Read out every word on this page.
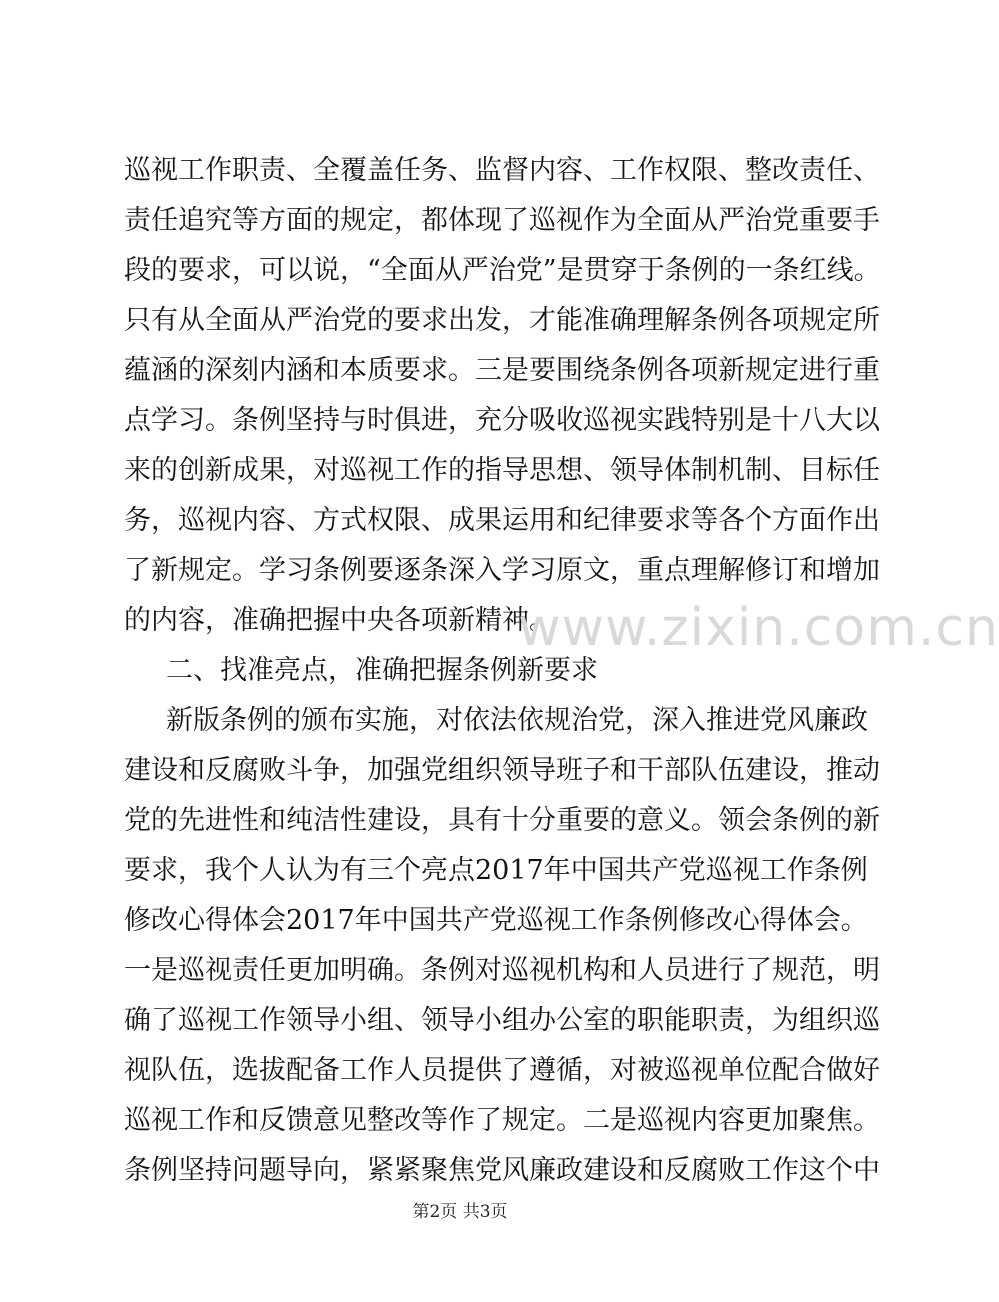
巡视工作职责、全覆盖任务、监督内容、工作权限、整改责任、
责任追究等方面的规定，都体现了巡视作为全面从严治党重要手
段的要求，可以说，“全面从严治党”是贯穿于条例的一条红线。
只有从全面从严治党的要求出发，才能准确理解条例各项规定所
蕴涵的深刻内涵和本质要求。三是要围绕条例各项新规定进行重
点学习。条例坚持与时俱进，充分吸收巡视实践特别是十八大以
来的创新成果，对巡视工作的指导思想、领导体制机制、目标任
务，巡视内容、方式权限、成果运用和纪律要求等各个方面作出
了新规定。学习条例要逐条深入学习原文，重点理解修订和增加
的内容，准确把握中央各项新精神。
二、找准亮点，准确把握条例新要求
新版条例的颁布实施，对依法依规治党，深入推进党风廉政
建设和反腐败斗争，加强党组织领导班子和干部队伍建设，推动
党的先进性和纯洁性建设，具有十分重要的意义。领会条例的新
要求，我个人认为有三个亮点2017年中国共产党巡视工作条例
修改心得体会2017年中国共产党巡视工作条例修改心得体会。
一是巡视责任更加明确。条例对巡视机构和人员进行了规范，明
确了巡视工作领导小组、领导小组办公室的职能职责，为组织巡
视队伍，选拔配备工作人员提供了遵循，对被巡视单位配合做好
巡视工作和反馈意见整改等作了规定。二是巡视内容更加聚焦。
条例坚持问题导向，紧紧聚焦党风廉政建设和反腐败工作这个中
www.zixin.com.cn
第2页 共3页
